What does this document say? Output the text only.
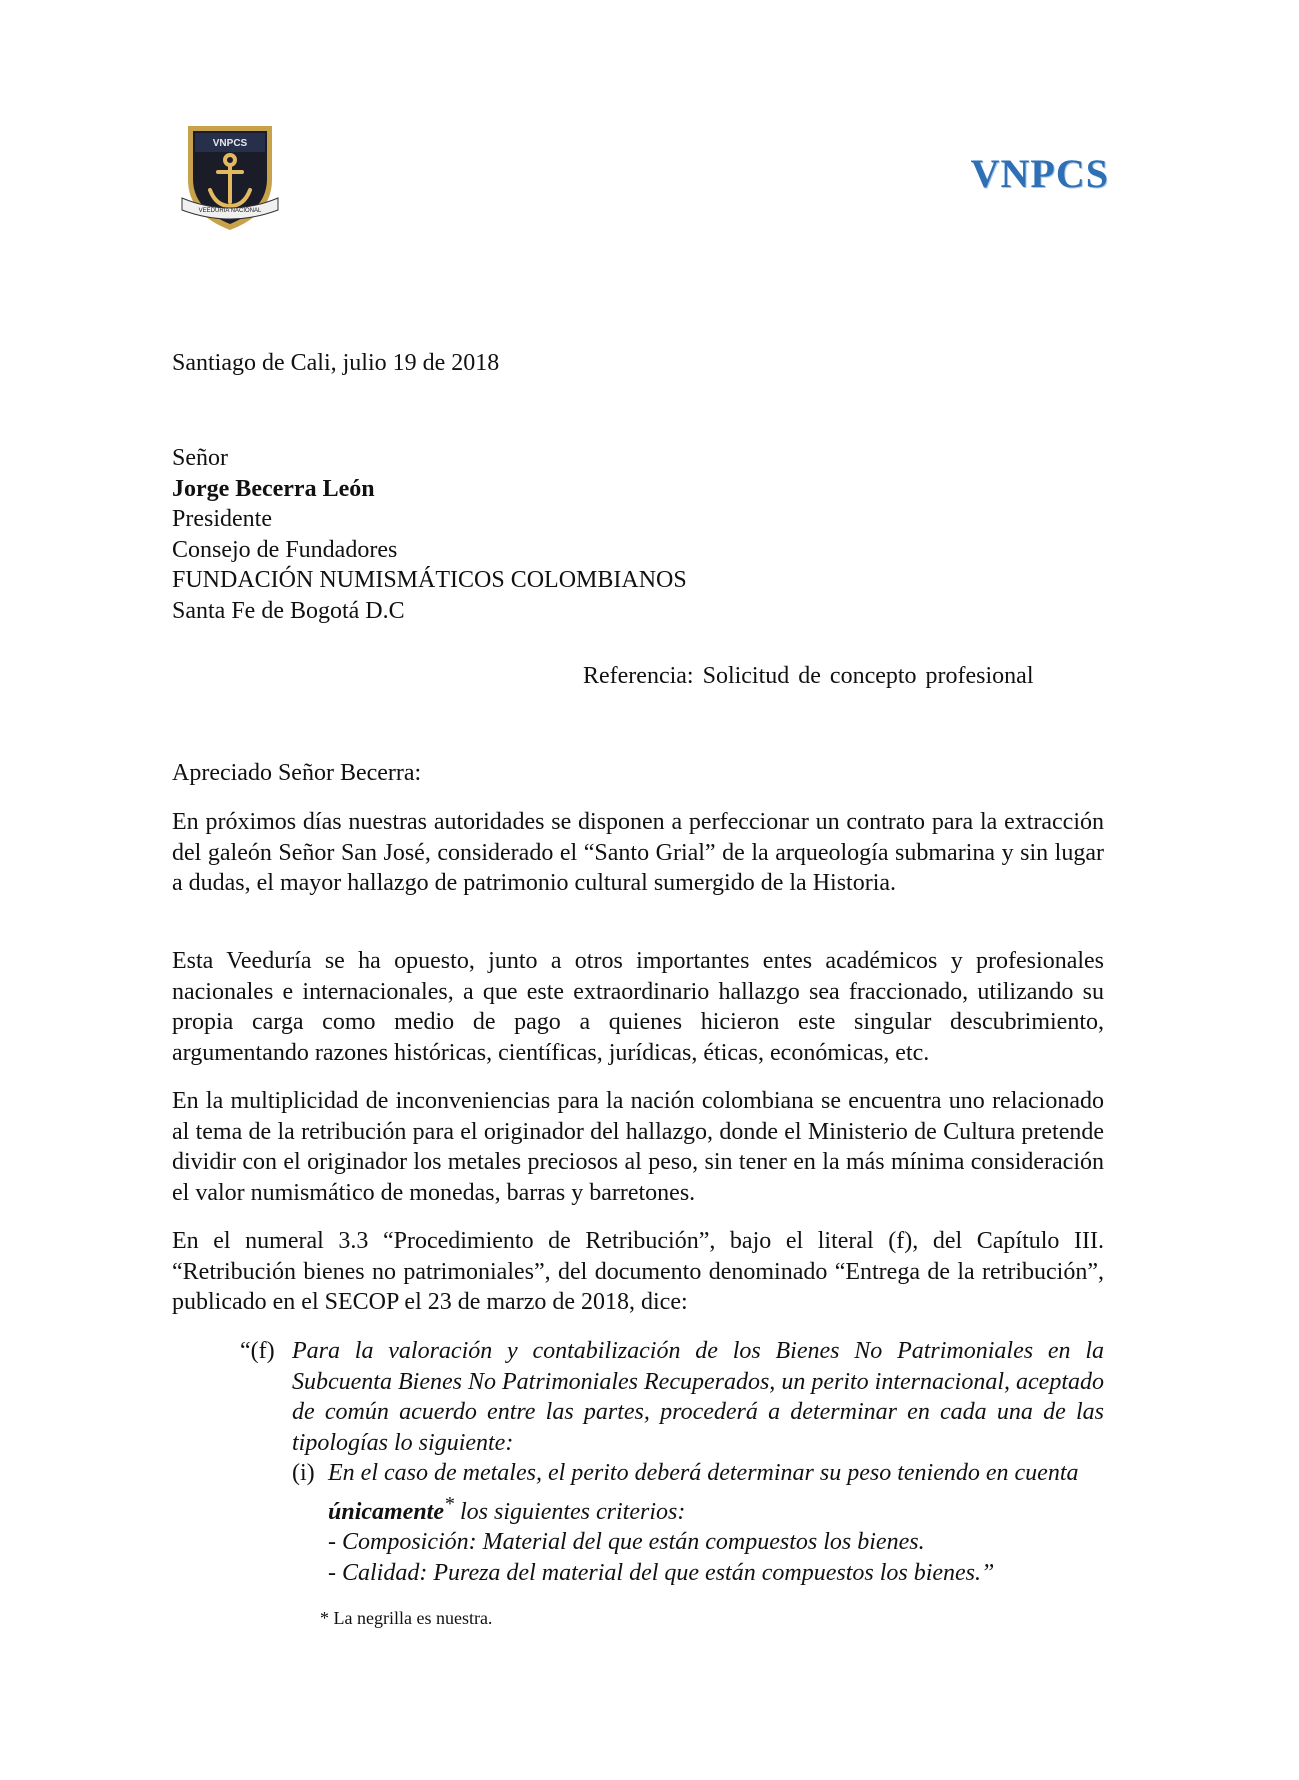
VNPCS
VEEDURIA NACIONAL
VNPCS
Santiago de Cali, julio 19 de 2018
Señor
Jorge Becerra León
Presidente
Consejo de Fundadores
FUNDACIÓN NUMISMÁTICOS COLOMBIANOS
Santa Fe de Bogotá D.C
Referencia: Solicitud de concepto profesional
Apreciado Señor Becerra:
En próximos días nuestras autoridades se disponen a perfeccionar un contrato para la extracción del galeón Señor San José, considerado el “Santo Grial” de la arqueología submarina y sin lugar a dudas, el mayor hallazgo de patrimonio cultural sumergido de la Historia.
Esta Veeduría se ha opuesto, junto a otros importantes entes académicos y profesionales nacionales e internacionales, a que este extraordinario hallazgo sea fraccionado, utilizando su propia carga como medio de pago a quienes hicieron este singular descubrimiento, argumentando razones históricas, científicas, jurídicas, éticas, económicas, etc.
En la multiplicidad de inconveniencias para la nación colombiana se encuentra uno relacionado al tema de la retribución para el originador del hallazgo, donde el Ministerio de Cultura pretende dividir con el originador los metales preciosos al peso, sin tener en la más mínima consideración el valor numismático de monedas, barras y barretones.
En el numeral 3.3 “Procedimiento de Retribución”, bajo el literal (f), del Capítulo III. “Retribución bienes no patrimoniales”, del documento denominado “Entrega de la retribución”, publicado en el SECOP el 23 de marzo de 2018, dice:
“(f) Para la valoración y contabilización de los Bienes No Patrimoniales en la Subcuenta Bienes No Patrimoniales Recuperados, un perito internacional, aceptado de común acuerdo entre las partes, procederá a determinar en cada una de las tipologías lo siguiente:
(i) En el caso de metales, el perito deberá determinar su peso teniendo en cuenta
únicamente* los siguientes criterios:
- Composición: Material del que están compuestos los bienes.
- Calidad: Pureza del material del que están compuestos los bienes.”
* La negrilla es nuestra.
